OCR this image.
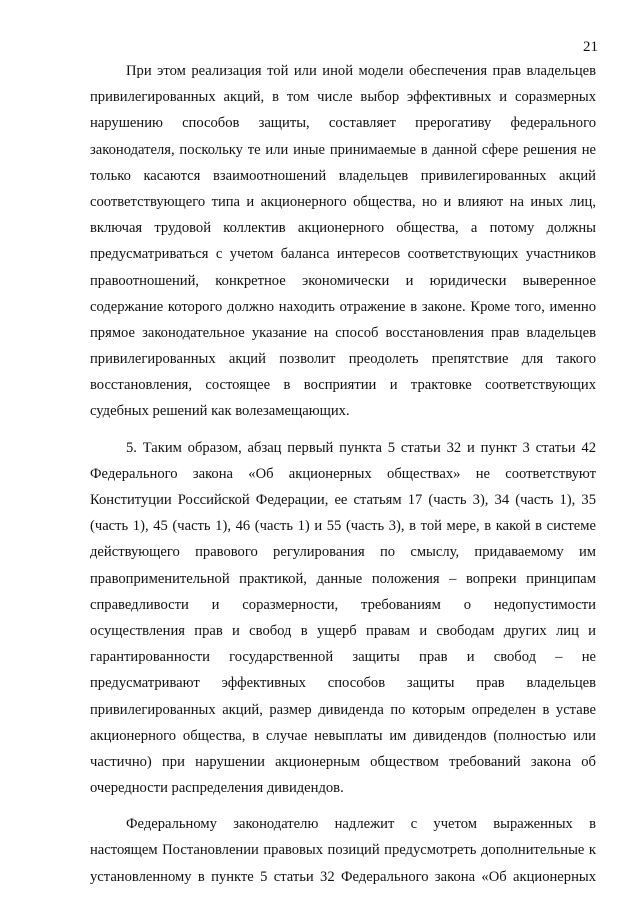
21
При этом реализация той или иной модели обеспечения прав владельцев
привилегированных акций, в том числе выбор эффективных и соразмерных
нарушению способов защиты, составляет прерогативу федерального
законодателя, поскольку те или иные принимаемые в данной сфере решения не
только касаются взаимоотношений владельцев привилегированных акций
соответствующего типа и акционерного общества, но и влияют на иных лиц,
включая трудовой коллектив акционерного общества, а потому должны
предусматриваться с учетом баланса интересов соответствующих участников
правоотношений, конкретное экономически и юридически выверенное
содержание которого должно находить отражение в законе. Кроме того, именно
прямое законодательное указание на способ восстановления прав владельцев
привилегированных акций позволит преодолеть препятствие для такого
восстановления, состоящее в восприятии и трактовке соответствующих
судебных решений как волезамещающих.
5. Таким образом, абзац первый пункта 5 статьи 32 и пункт 3 статьи 42
Федерального закона «Об акционерных обществах» не соответствуют
Конституции Российской Федерации, ее статьям 17 (часть 3), 34 (часть 1), 35
(часть 1), 45 (часть 1), 46 (часть 1) и 55 (часть 3), в той мере, в какой в системе
действующего правового регулирования по смыслу, придаваемому им
правоприменительной практикой, данные положения – вопреки принципам
справедливости и соразмерности, требованиям о недопустимости
осуществления прав и свобод в ущерб правам и свободам других лиц и
гарантированности государственной защиты прав и свобод – не
предусматривают эффективных способов защиты прав владельцев
привилегированных акций, размер дивиденда по которым определен в уставе
акционерного общества, в случае невыплаты им дивидендов (полностью или
частично) при нарушении акционерным обществом требований закона об
очередности распределения дивидендов.
Федеральному законодателю надлежит с учетом выраженных в
настоящем Постановлении правовых позиций предусмотреть дополнительные к
установленному в пункте 5 статьи 32 Федерального закона «Об акционерных
